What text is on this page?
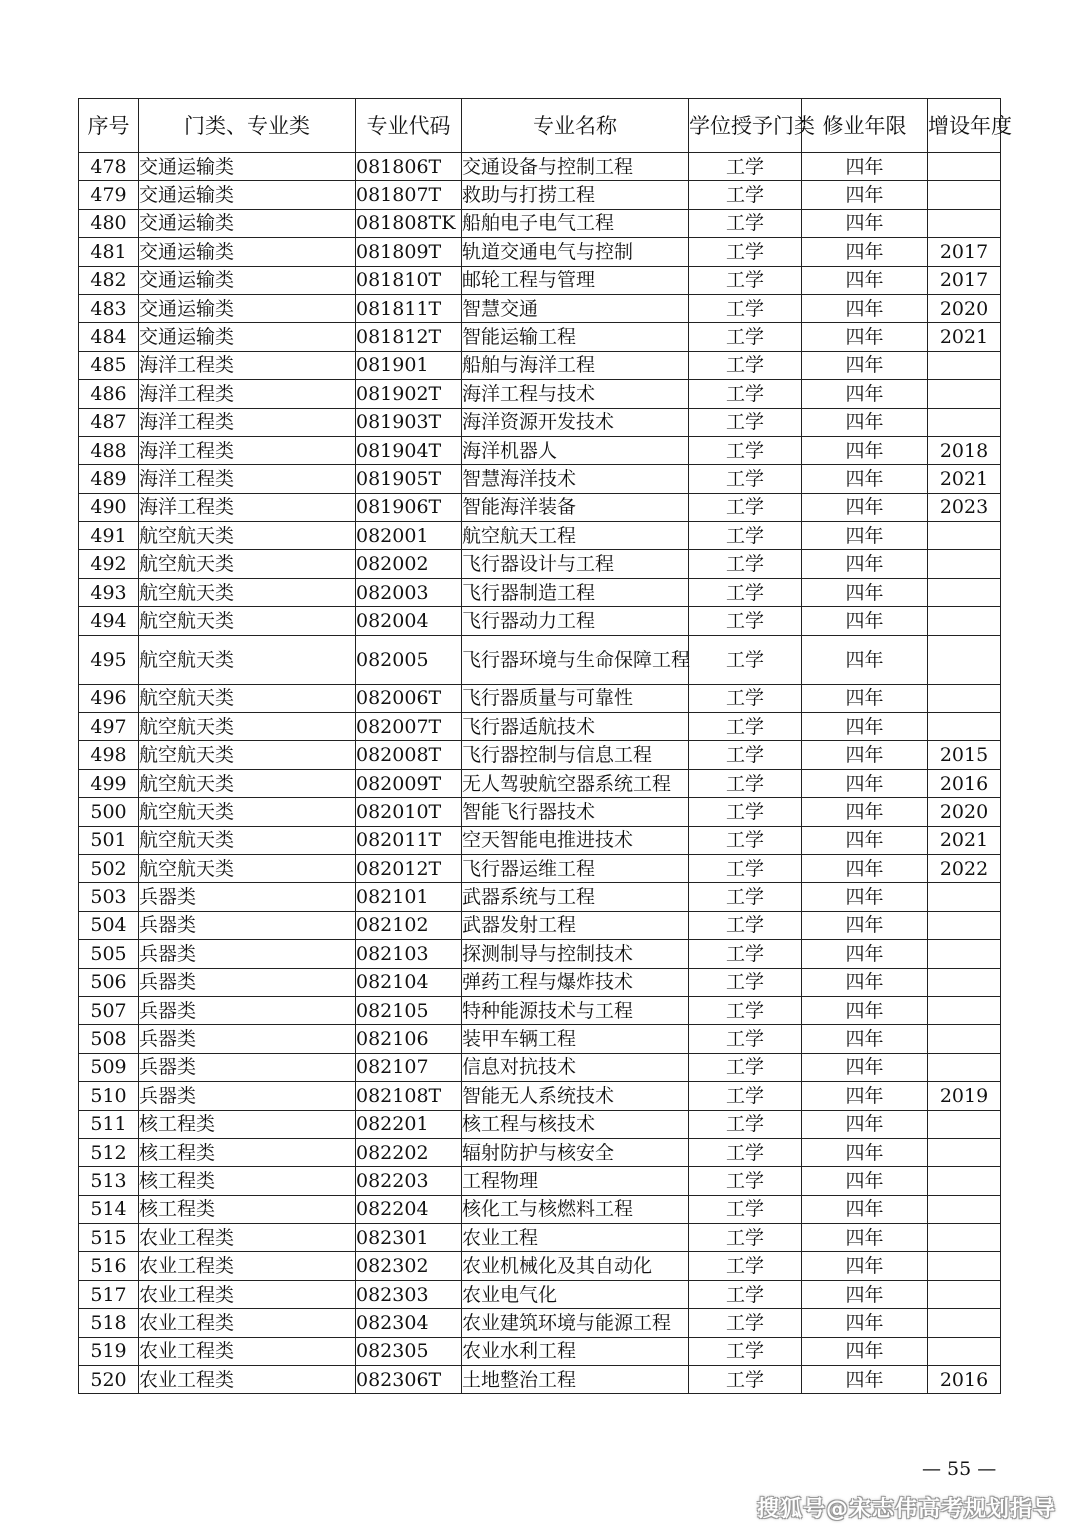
序号	门类、专业类	专业代码	专业名称	学位授予门类	修业年限	增设年度
478	交通运输类	081806T	交通设备与控制工程	工学	四年	
479	交通运输类	081807T	救助与打捞工程	工学	四年	
480	交通运输类	081808TK	船舶电子电气工程	工学	四年	
481	交通运输类	081809T	轨道交通电气与控制	工学	四年	2017
482	交通运输类	081810T	邮轮工程与管理	工学	四年	2017
483	交通运输类	081811T	智慧交通	工学	四年	2020
484	交通运输类	081812T	智能运输工程	工学	四年	2021
485	海洋工程类	081901	船舶与海洋工程	工学	四年	
486	海洋工程类	081902T	海洋工程与技术	工学	四年	
487	海洋工程类	081903T	海洋资源开发技术	工学	四年	
488	海洋工程类	081904T	海洋机器人	工学	四年	2018
489	海洋工程类	081905T	智慧海洋技术	工学	四年	2021
490	海洋工程类	081906T	智能海洋装备	工学	四年	2023
491	航空航天类	082001	航空航天工程	工学	四年	
492	航空航天类	082002	飞行器设计与工程	工学	四年	
493	航空航天类	082003	飞行器制造工程	工学	四年	
494	航空航天类	082004	飞行器动力工程	工学	四年	
495	航空航天类	082005	飞行器环境与生命保障工程	工学	四年	
496	航空航天类	082006T	飞行器质量与可靠性	工学	四年	
497	航空航天类	082007T	飞行器适航技术	工学	四年	
498	航空航天类	082008T	飞行器控制与信息工程	工学	四年	2015
499	航空航天类	082009T	无人驾驶航空器系统工程	工学	四年	2016
500	航空航天类	082010T	智能飞行器技术	工学	四年	2020
501	航空航天类	082011T	空天智能电推进技术	工学	四年	2021
502	航空航天类	082012T	飞行器运维工程	工学	四年	2022
503	兵器类	082101	武器系统与工程	工学	四年	
504	兵器类	082102	武器发射工程	工学	四年	
505	兵器类	082103	探测制导与控制技术	工学	四年	
506	兵器类	082104	弹药工程与爆炸技术	工学	四年	
507	兵器类	082105	特种能源技术与工程	工学	四年	
508	兵器类	082106	装甲车辆工程	工学	四年	
509	兵器类	082107	信息对抗技术	工学	四年	
510	兵器类	082108T	智能无人系统技术	工学	四年	2019
511	核工程类	082201	核工程与核技术	工学	四年	
512	核工程类	082202	辐射防护与核安全	工学	四年	
513	核工程类	082203	工程物理	工学	四年	
514	核工程类	082204	核化工与核燃料工程	工学	四年	
515	农业工程类	082301	农业工程	工学	四年	
516	农业工程类	082302	农业机械化及其自动化	工学	四年	
517	农业工程类	082303	农业电气化	工学	四年	
518	农业工程类	082304	农业建筑环境与能源工程	工学	四年	
519	农业工程类	082305	农业水利工程	工学	四年	
520	农业工程类	082306T	土地整治工程	工学	四年	2016
— 55 —
搜狐号@宋志伟高考规划指导
